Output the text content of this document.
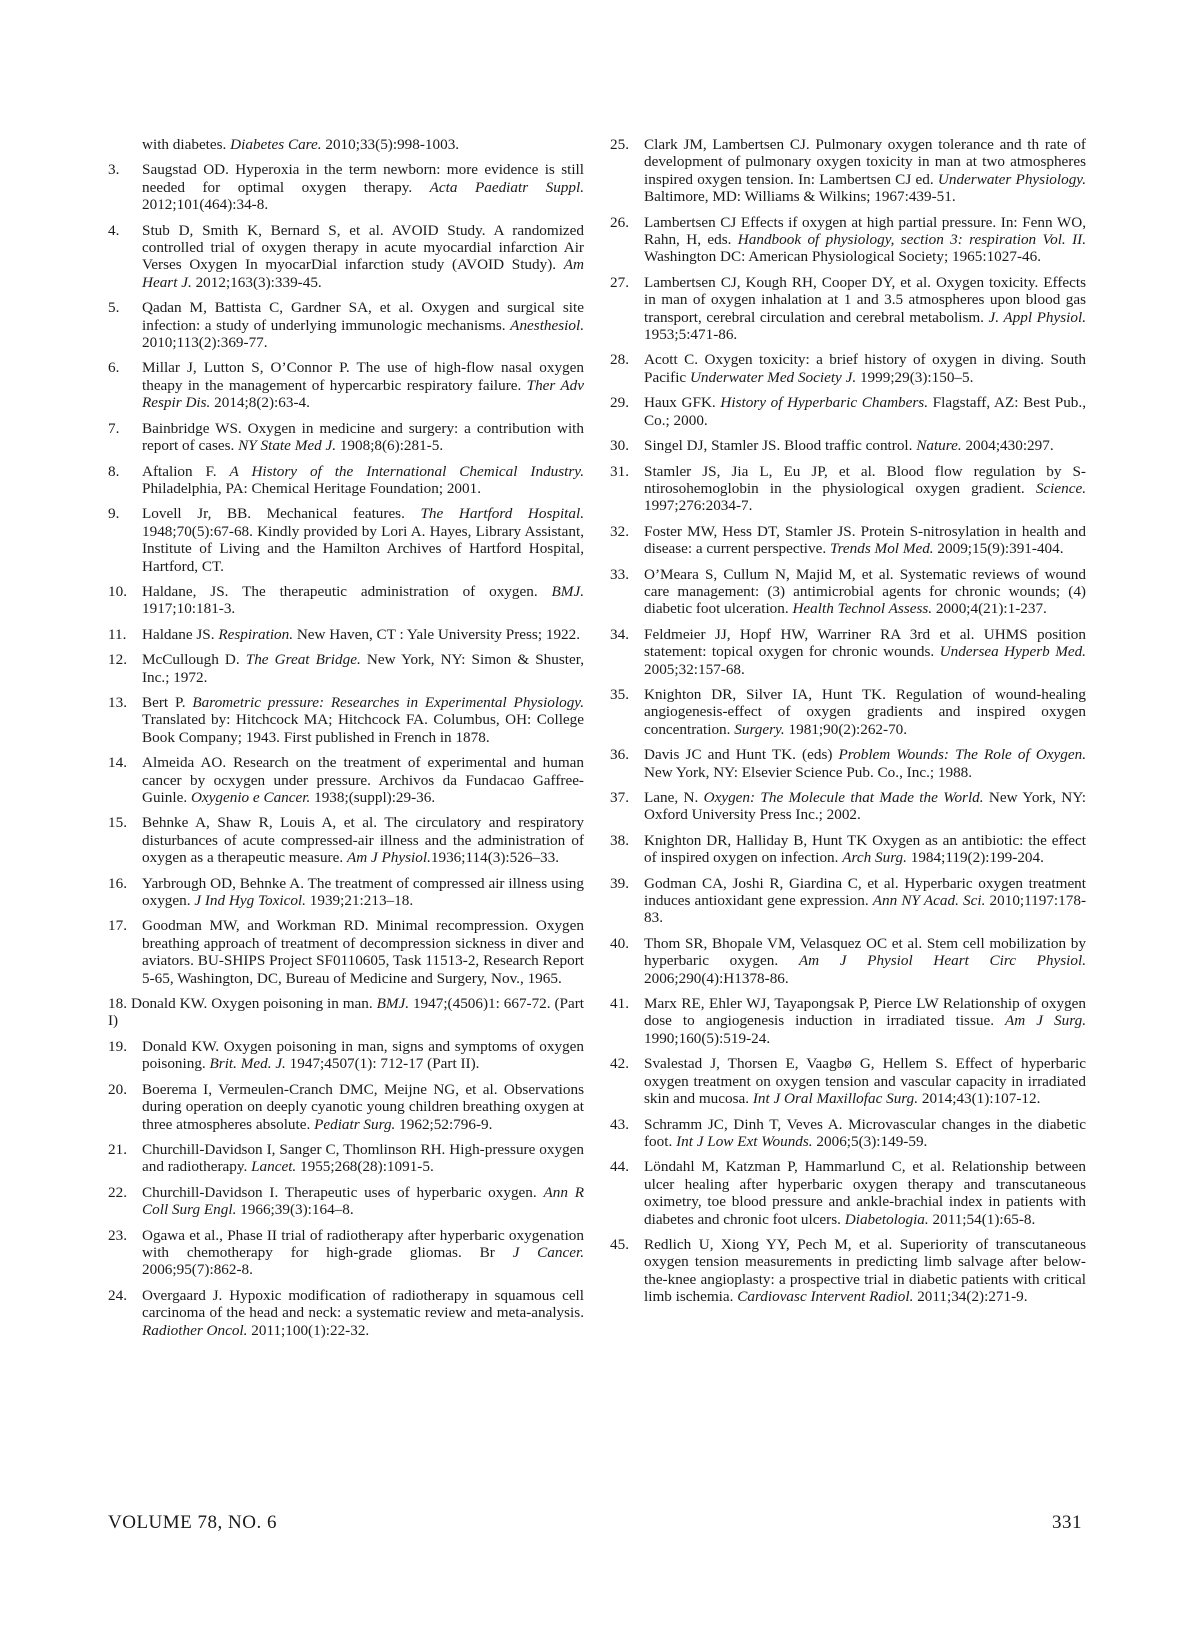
with diabetes. Diabetes Care. 2010;33(5):998-1003.
3.	Saugstad OD. Hyperoxia in the term newborn: more evidence is still needed for optimal oxygen therapy. Acta Paediatr Suppl. 2012;101(464):34-8.
4.	Stub D, Smith K, Bernard S, et al. AVOID Study. A randomized controlled trial of oxygen therapy in acute myocardial infarction Air Verses Oxygen In myocarDial infarction study (AVOID Study). Am Heart J. 2012;163(3):339-45.
5.	Qadan M, Battista C, Gardner SA, et al. Oxygen and surgical site infection: a study of underlying immunologic mechanisms. Anesthesiol. 2010;113(2):369-77.
6.	Millar J, Lutton S, O’Connor P. The use of high-flow nasal oxygen theapy in the management of hypercarbic respiratory failure. Ther Adv Respir Dis. 2014;8(2):63-4.
7.	Bainbridge WS. Oxygen in medicine and surgery: a contribution with report of cases. NY State Med J. 1908;8(6):281-5.
8.	Aftalion F. A History of the International Chemical Industry. Philadelphia, PA: Chemical Heritage Foundation; 2001.
9.	Lovell Jr, BB. Mechanical features. The Hartford Hospital. 1948;70(5):67-68. Kindly provided by Lori A. Hayes, Library Assistant, Institute of Living and the Hamilton Archives of Hartford Hospital, Hartford, CT.
10. Haldane, JS. The therapeutic administration of oxygen. BMJ. 1917;10:181-3.
11.	Haldane JS. Respiration. New Haven, CT : Yale University Press; 1922.
12. McCullough D. The Great Bridge. New York, NY: Simon & Shuster, Inc.; 1972.
13. Bert P. Barometric pressure: Researches in Experimental Physiology. Translated by: Hitchcock MA; Hitchcock FA. Columbus, OH: College Book Company; 1943. First published in French in 1878.
14. Almeida AO. Research on the treatment of experimental and human cancer by ocxygen under pressure. Archivos da Fundacao Gaffree-Guinle. Oxygenio e Cancer. 1938;(suppl):29-36.
15. Behnke A, Shaw R, Louis A, et al. The circulatory and respiratory disturbances of acute compressed-air illness and the administration of oxygen as a therapeutic measure. Am J Physiol.1936;114(3):526–33.
16. Yarbrough OD, Behnke A. The treatment of compressed air illness using oxygen. J Ind Hyg Toxicol. 1939;21:213–18.
17. Goodman MW, and Workman RD. Minimal recompression. Oxygen breathing approach of treatment of decompression sickness in diver and aviators. BU-SHIPS Project SF0110605, Task 11513-2, Research Report 5-65, Washington, DC, Bureau of Medicine and Surgery, Nov., 1965.
18. Donald KW. Oxygen poisoning in man. BMJ. 1947;(4506)1: 667-72. (Part I)
19. Donald KW. Oxygen poisoning in man, signs and symptoms of oxygen poisoning. Brit. Med. J. 1947;4507(1): 712-17 (Part II).
20. Boerema I, Vermeulen-Cranch DMC, Meijne NG, et al. Observations during operation on deeply cyanotic young children breathing oxygen at three atmospheres absolute. Pediatr Surg. 1962;52:796-9.
21. Churchill-Davidson I, Sanger C, Thomlinson RH. High-pressure oxygen and radiotherapy. Lancet. 1955;268(28):1091-5.
22. Churchill-Davidson I. Therapeutic uses of hyperbaric oxygen. Ann R Coll Surg Engl. 1966;39(3):164–8.
23. Ogawa et al., Phase II trial of radiotherapy after hyperbaric oxygenation with chemotherapy for high-grade gliomas. Br J Cancer. 2006;95(7):862-8.
24. Overgaard J. Hypoxic modification of radiotherapy in squamous cell carcinoma of the head and neck: a systematic review and meta-analysis. Radiother Oncol. 2011;100(1):22-32.
25. Clark JM, Lambertsen CJ. Pulmonary oxygen tolerance and th rate of development of pulmonary oxygen toxicity in man at two atmospheres inspired oxygen tension. In: Lambertsen CJ ed. Underwater Physiology. Baltimore, MD: Williams & Wilkins; 1967:439-51.
26. Lambertsen CJ Effects if oxygen at high partial pressure. In: Fenn WO, Rahn, H, eds. Handbook of physiology, section 3: respiration Vol. II. Washington DC: American Physiological Society; 1965:1027-46.
27. Lambertsen CJ, Kough RH, Cooper DY, et al. Oxygen toxicity. Effects in man of oxygen inhalation at 1 and 3.5 atmospheres upon blood gas transport, cerebral circulation and cerebral metabolism. J. Appl Physiol. 1953;5:471-86.
28. Acott C. Oxygen toxicity: a brief history of oxygen in diving. South Pacific Underwater Med Society J. 1999;29(3):150–5.
29. Haux GFK. History of Hyperbaric Chambers. Flagstaff, AZ: Best Pub., Co.; 2000.
30. Singel DJ, Stamler JS. Blood traffic control. Nature. 2004;430:297.
31. Stamler JS, Jia L, Eu JP, et al. Blood flow regulation by S-ntirosohemoglobin in the physiological oxygen gradient. Science. 1997;276:2034-7.
32. Foster MW, Hess DT, Stamler JS. Protein S-nitrosylation in health and disease: a current perspective. Trends Mol Med. 2009;15(9):391-404.
33. O’Meara S, Cullum N, Majid M, et al. Systematic reviews of wound care management: (3) antimicrobial agents for chronic wounds; (4) diabetic foot ulceration. Health Technol Assess. 2000;4(21):1-237.
34. Feldmeier JJ, Hopf HW, Warriner RA 3rd et al. UHMS position statement: topical oxygen for chronic wounds. Undersea Hyperb Med. 2005;32:157-68.
35. Knighton DR, Silver IA, Hunt TK. Regulation of wound-healing angiogenesis-effect of oxygen gradients and inspired oxygen concentration. Surgery. 1981;90(2):262-70.
36. Davis JC and Hunt TK. (eds) Problem Wounds: The Role of Oxygen. New York, NY: Elsevier Science Pub. Co., Inc.; 1988.
37. Lane, N. Oxygen: The Molecule that Made the World. New York, NY: Oxford University Press Inc.; 2002.
38. Knighton DR, Halliday B, Hunt TK Oxygen as an antibiotic: the effect of inspired oxygen on infection. Arch Surg. 1984;119(2):199-204.
39. Godman CA, Joshi R, Giardina C, et al. Hyperbaric oxygen treatment induces antioxidant gene expression. Ann NY Acad. Sci. 2010;1197:178-83.
40. Thom SR, Bhopale VM, Velasquez OC et al. Stem cell mobilization by hyperbaric oxygen. Am J Physiol Heart Circ Physiol. 2006;290(4):H1378-86.
41. Marx RE, Ehler WJ, Tayapongsak P, Pierce LW Relationship of oxygen dose to angiogenesis induction in irradiated tissue. Am J Surg. 1990;160(5):519-24.
42. Svalestad J, Thorsen E, Vaagbø G, Hellem S. Effect of hyperbaric oxygen treatment on oxygen tension and vascular capacity in irradiated skin and mucosa. Int J Oral Maxillofac Surg. 2014;43(1):107-12.
43. Schramm JC, Dinh T, Veves A. Microvascular changes in the diabetic foot. Int J Low Ext Wounds. 2006;5(3):149-59.
44. Löndahl M, Katzman P, Hammarlund C, et al. Relationship between ulcer healing after hyperbaric oxygen therapy and transcutaneous oximetry, toe blood pressure and ankle-brachial index in patients with diabetes and chronic foot ulcers. Diabetologia. 2011;54(1):65-8.
45. Redlich U, Xiong YY, Pech M, et al. Superiority of transcutaneous oxygen tension measurements in predicting limb salvage after below-the-knee angioplasty: a prospective trial in diabetic patients with critical limb ischemia. Cardiovasc Intervent Radiol. 2011;34(2):271-9.
VOLUME 78, NO. 6	331
